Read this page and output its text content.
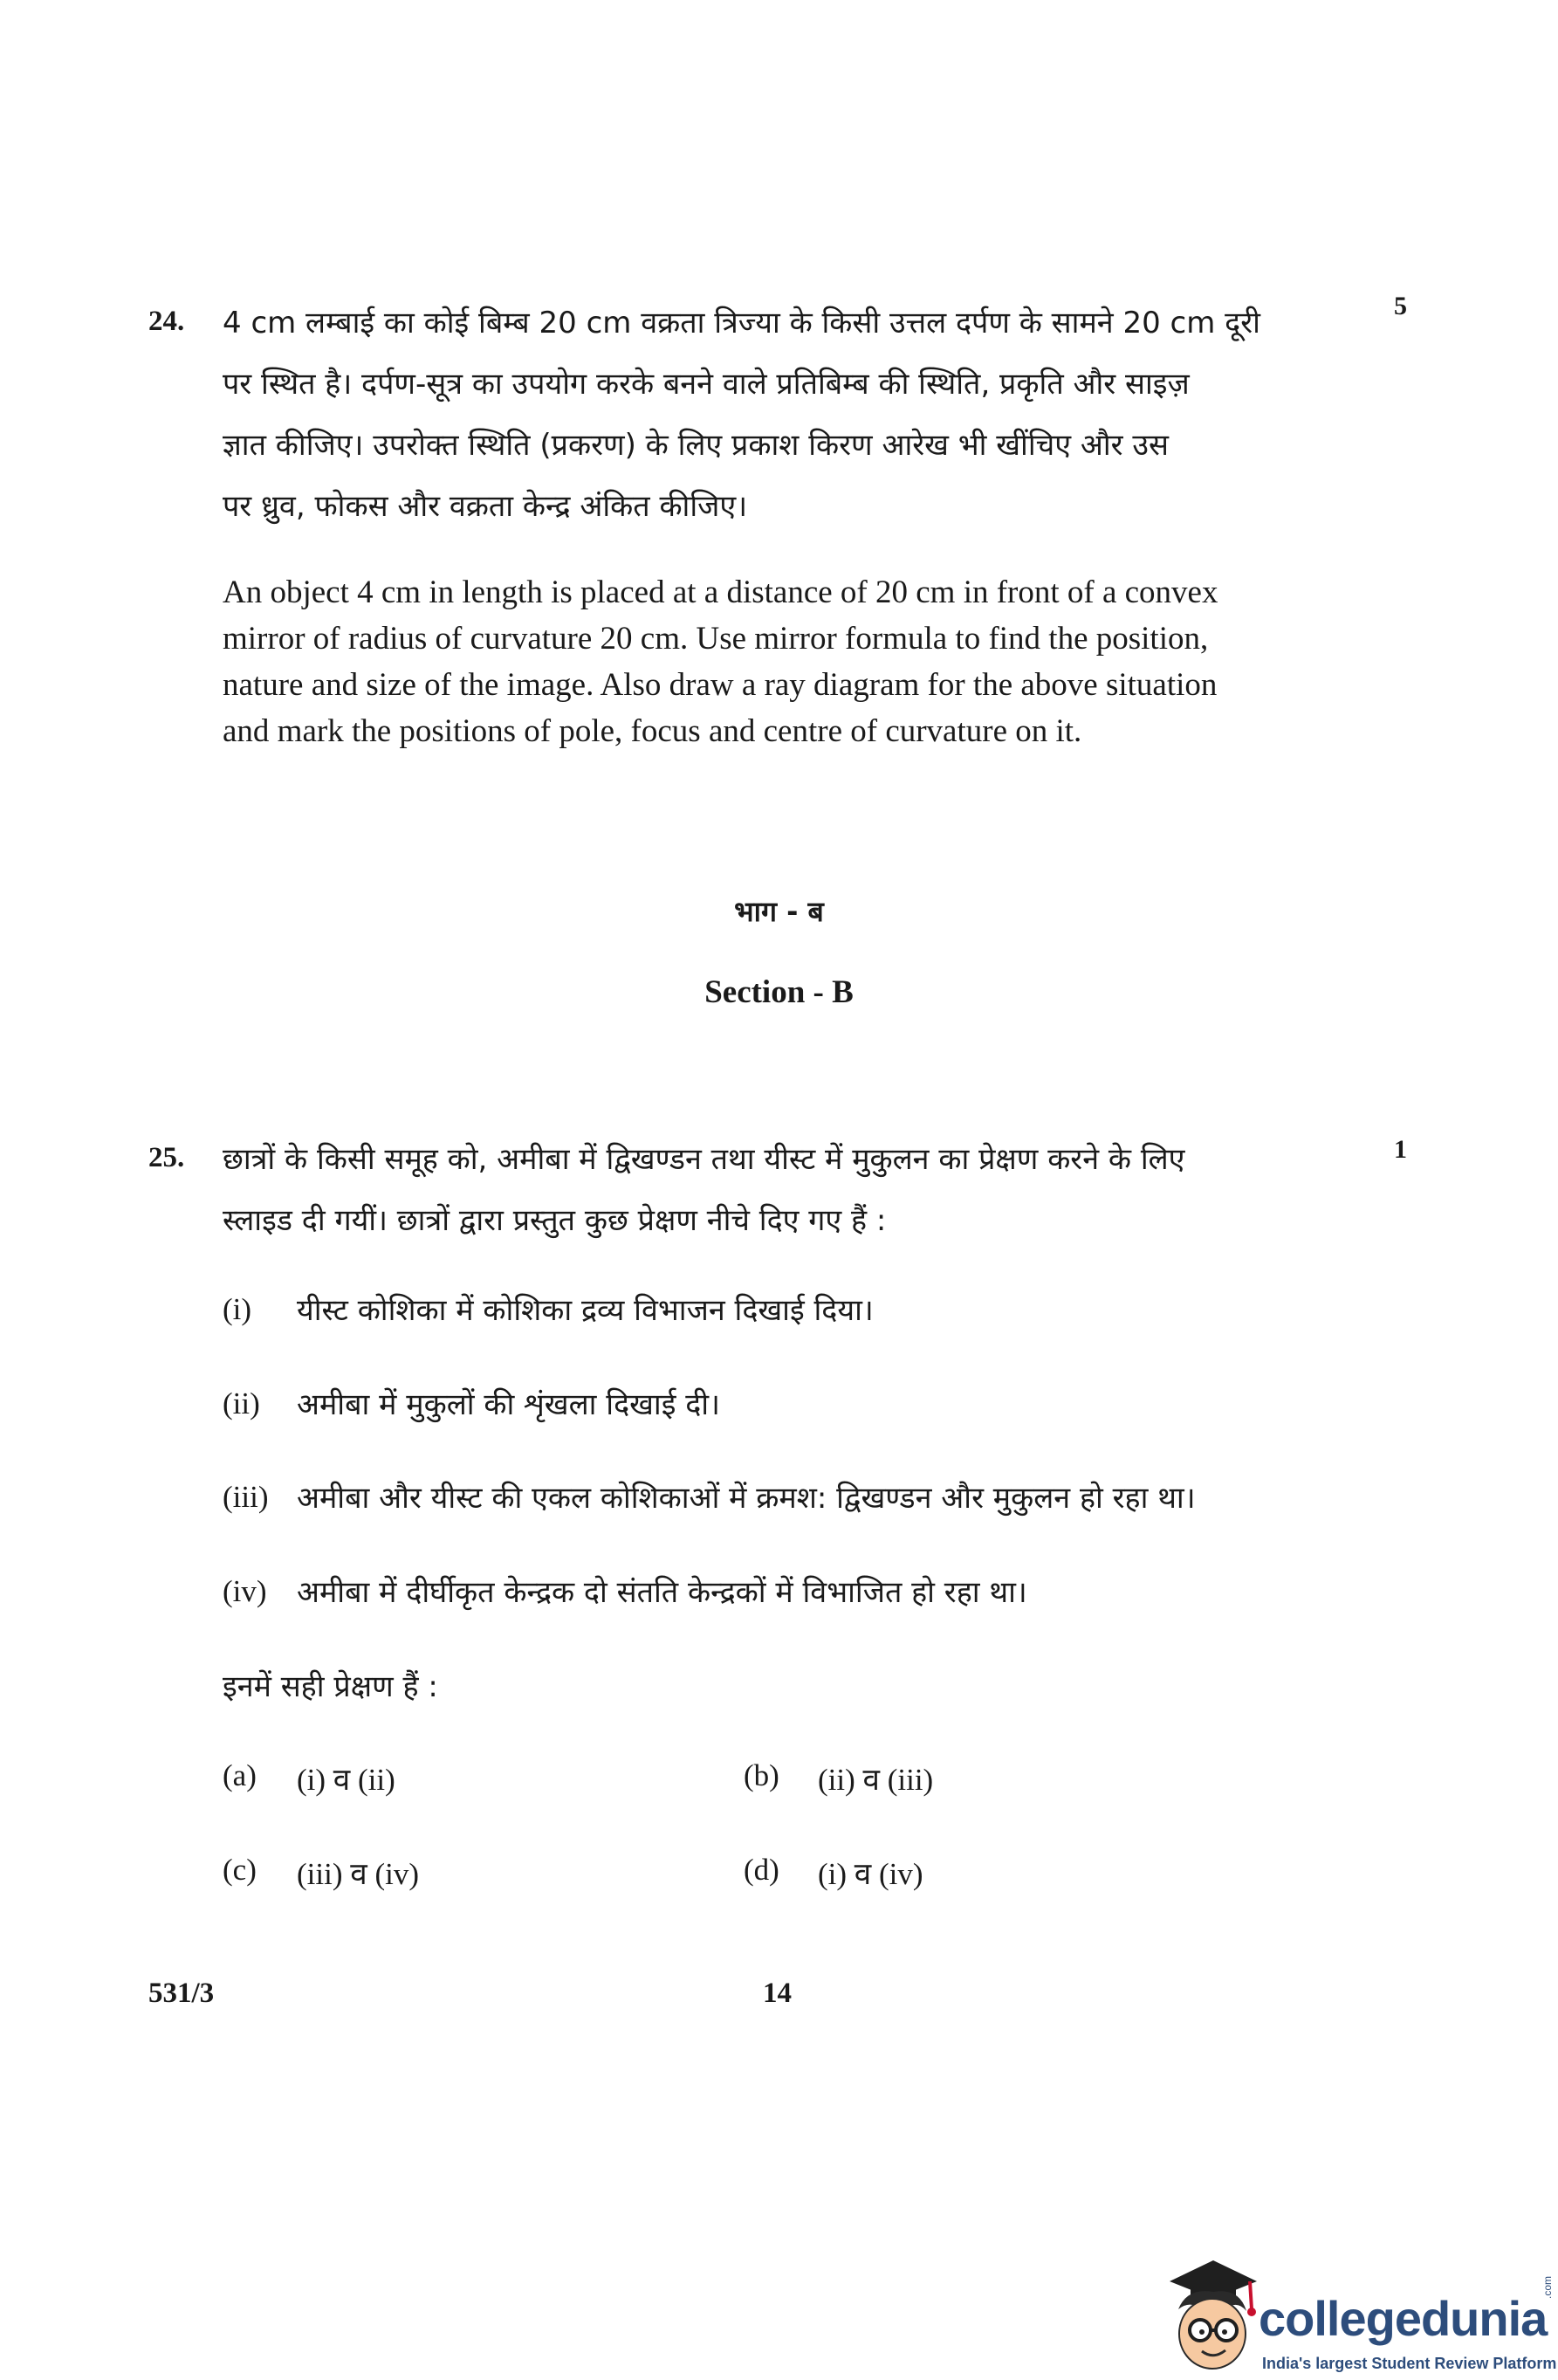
24.	5
4 cm लम्बाई का कोई बिम्ब 20 cm वक्रता त्रिज्या के किसी उत्तल दर्पण के सामने 20 cm दूरी
पर स्थित है। दर्पण-सूत्र का उपयोग करके बनने वाले प्रतिबिम्ब की स्थिति, प्रकृति और साइज़
ज्ञात कीजिए। उपरोक्त स्थिति (प्रकरण) के लिए प्रकाश किरण आरेख भी खींचिए और उस
पर ध्रुव, फोकस और वक्रता केन्द्र अंकित कीजिए।
An object 4 cm in length is placed at a distance of 20 cm in front of a convex
mirror of radius of curvature 20 cm. Use mirror formula to find the position,
nature and size of the image. Also draw a ray diagram for the above situation
and mark the positions of pole, focus and centre of curvature on it.
भाग - ब
Section - B
25.	1
छात्रों के किसी समूह को, अमीबा में द्विखण्डन तथा यीस्ट में मुकुलन का प्रेक्षण करने के लिए
स्लाइड दी गयीं। छात्रों द्वारा प्रस्तुत कुछ प्रेक्षण नीचे दिए गए हैं :
(i) यीस्ट कोशिका में कोशिका द्रव्य विभाजन दिखाई दिया।
(ii) अमीबा में मुकुलों की शृंखला दिखाई दी।
(iii) अमीबा और यीस्ट की एकल कोशिकाओं में क्रमश: द्विखण्डन और मुकुलन हो रहा था।
(iv) अमीबा में दीर्घीकृत केन्द्रक दो संतति केन्द्रकों में विभाजित हो रहा था।
इनमें सही प्रेक्षण हैं :
(a) (i) व (ii)	(b) (ii) व (iii)
(c) (iii) व (iv)	(d) (i) व (iv)
531/3	14
collegedunia
.com
India's largest Student Review Platform
